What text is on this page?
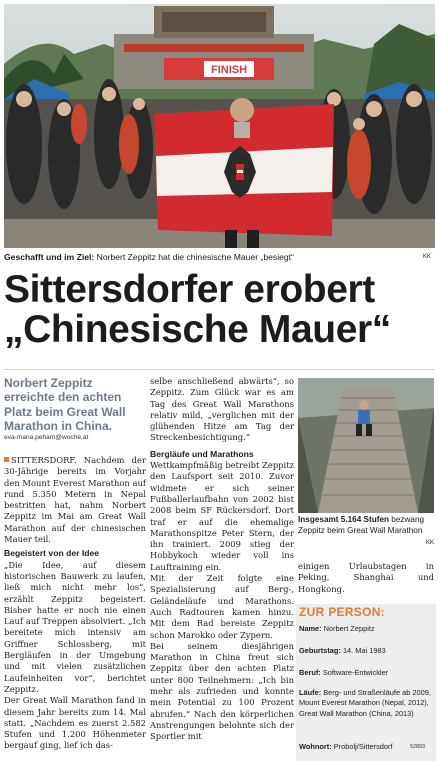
FINISH
Geschafft und im Ziel: Norbert Zeppitz hat die chinesische Mauer „besiegt“	KK
Sittersdorfer erobert
„Chinesische Mauer“
Norbert Zeppitz erreichte den achten Platz beim Great Wall Marathon in China.
eva-maria.peham@woche.at

SITTERSDORF. Nachdem der 30-Jährige bereits im Vorjahr den Mount Everest Marathon auf rund 5.350 Metern in Nepal bestritten hat, nahm Norbert Zeppitz im Mai am Great Wall Marathon auf der chinesischen Mauer teil.

Begeistert von der Idee

„Die Idee, auf diesem historischen Bauwerk zu laufen, ließ mich nicht mehr los“, erzählt Zeppitz begeistert. Bisher hatte er noch nie einen Lauf auf Treppen absolviert. „Ich bereitete mich intensiv am Griffner Schlossberg, mit Bergläufen in der Umgebung und mit vielen zusätzlichen Laufeinheiten vor“, berichtet Zeppitz.

Der Great Wall Marathon fand in diesem Jahr bereits zum 14. Mal statt. „Nachdem es zuerst 2.582 Stufen und 1.200 Höhenmeter bergauf ging, lief ich das-

selbe anschließend abwärts“, so Zeppitz. Zum Glück war es am Tag des Great Wall Marathons relativ mild, „verglichen mit der glühenden Hitze am Tag der Streckenbesichtigung.“

Bergläufe und Marathons

Wettkampfmäßig betreibt Zeppitz den Laufsport seit 2010. Zuvor widmete er sich seiner Fußballerlaufbahn von 2002 bist 2008 beim SF Rückersdorf. Dort traf er auf die ehemalige Marathonspitze Peter Stern, der ihn trainiert. 2009 stieg der Hobbykoch wieder voll ins Lauftraining ein.

Mit der Zeit folgte eine Spezialisierung auf Berg-, Geländeläufe und Marathons. Auch Radtouren kamen hinzu. Mit dem Rad bereiste Zeppitz schon Marokko oder Zypern.

Bei seinem diesjährigen Marathon in China freut sich Zeppitz über den achten Platz unter 800 Teilnehmern: „Ich bin mehr als zufrieden und konnte mein Potential zu 100 Prozent abrufen.“ Nach den körperlichen Anstrengungen belohnte sich der Sportler mit

Insgesamt 5.164 Stufen bezwang Zeppitz beim Great Wall Marathon
KK

einigen Urlaubstagen in Peking, Shanghai und Hongkong.

ZUR PERSON:
Name: Norbert Zeppitz
Geburtstag: 14. Mai 1983
Beruf: Software-Entwickler
Läufe: Berg- und Straßenläufe ab 2009,
Mount Everest Marathon (Nepal, 2012),
Great Wall Marathon (China, 2013)
Wohnort: Probolj/Sittersdorf	52893
